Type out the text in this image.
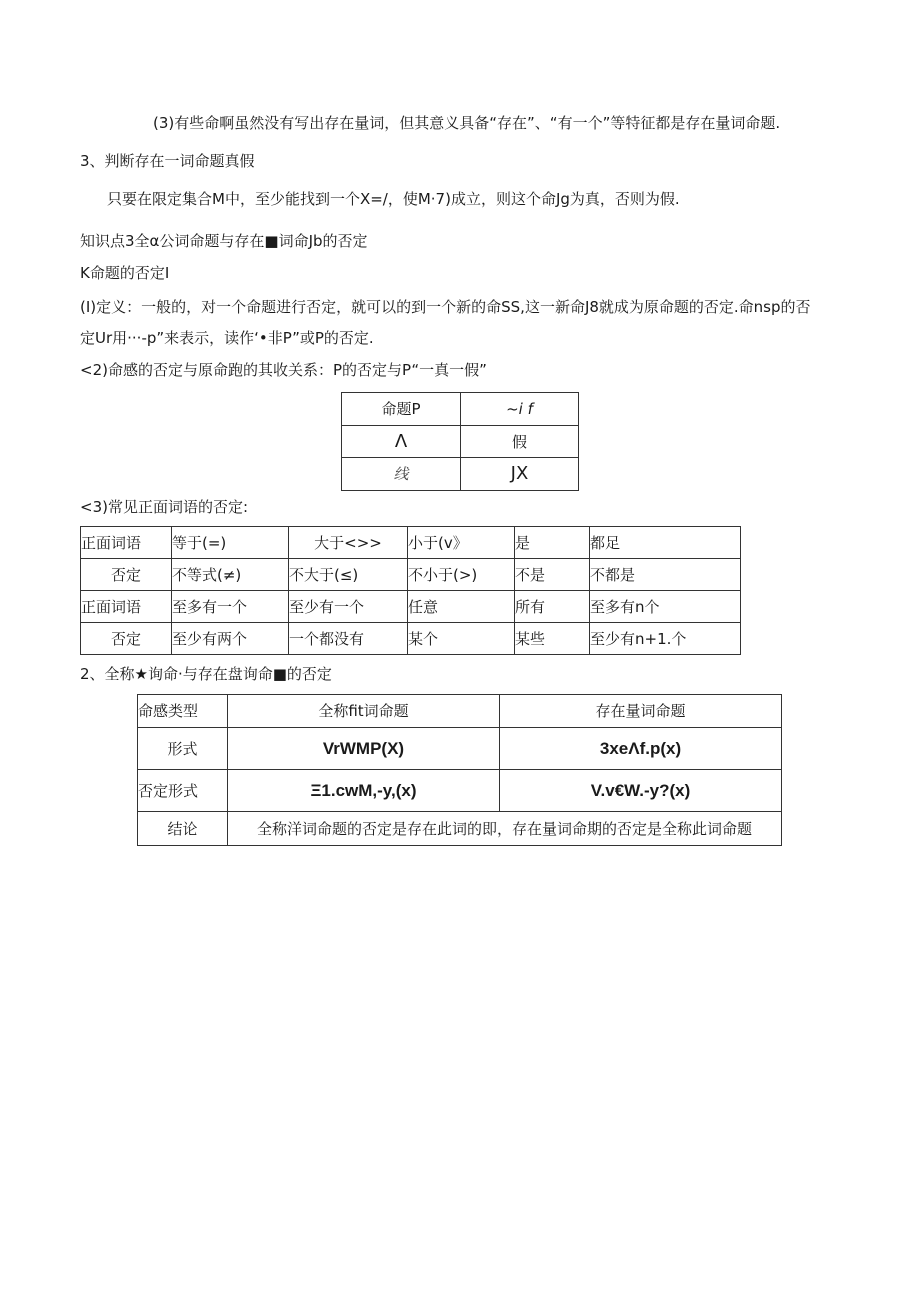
(3)有些命啊虽然没有写出存在量词，但其意义具备“存在”、“有一个”等特征都是存在量词命题.
3、判断存在一词命题真假
只要在限定集合M中，至少能找到一个X=/，使M·7)成立，则这个命Jg为真，否则为假.
知识点3全α公词命题与存在■词命Jb的否定
K命题的否定I
(I)定义：一般的，对一个命题进行否定，就可以的到一个新的命SS,这一新命J8就成为原命题的否定.命nsp的否
定Ur用···-p”来表示，读作‘•非P”或P的否定.
<2)命感的否定与原命跑的其收关系：P的否定与P“一真一假”
命题P	~i f
Λ	假
线	JX
<3)常见正面词语的否定:
正面词语	等于(=)	大于<>>	小于(v》	是	都足
否定	不等式(≠)	不大于(≤)	不小于(>)	不是	不都是
正面词语	至多有一个	至少有一个	任意	所有	至多有n个
否定	至少有两个	一个都没有	某个	某些	至少有n+1.个
2、全称★询命·与存在盘询命■的否定
命感类型	全称fit词命题	存在量词命题
形式	VrWMP(X)	3xeΛf.p(x)
否定形式	Ξ1.cwM,-y,(x)	V.v€W.-y?(x)
结论	全称洋词命题的否定是存在此词的即，存在量词命期的否定是全称此词命题	
